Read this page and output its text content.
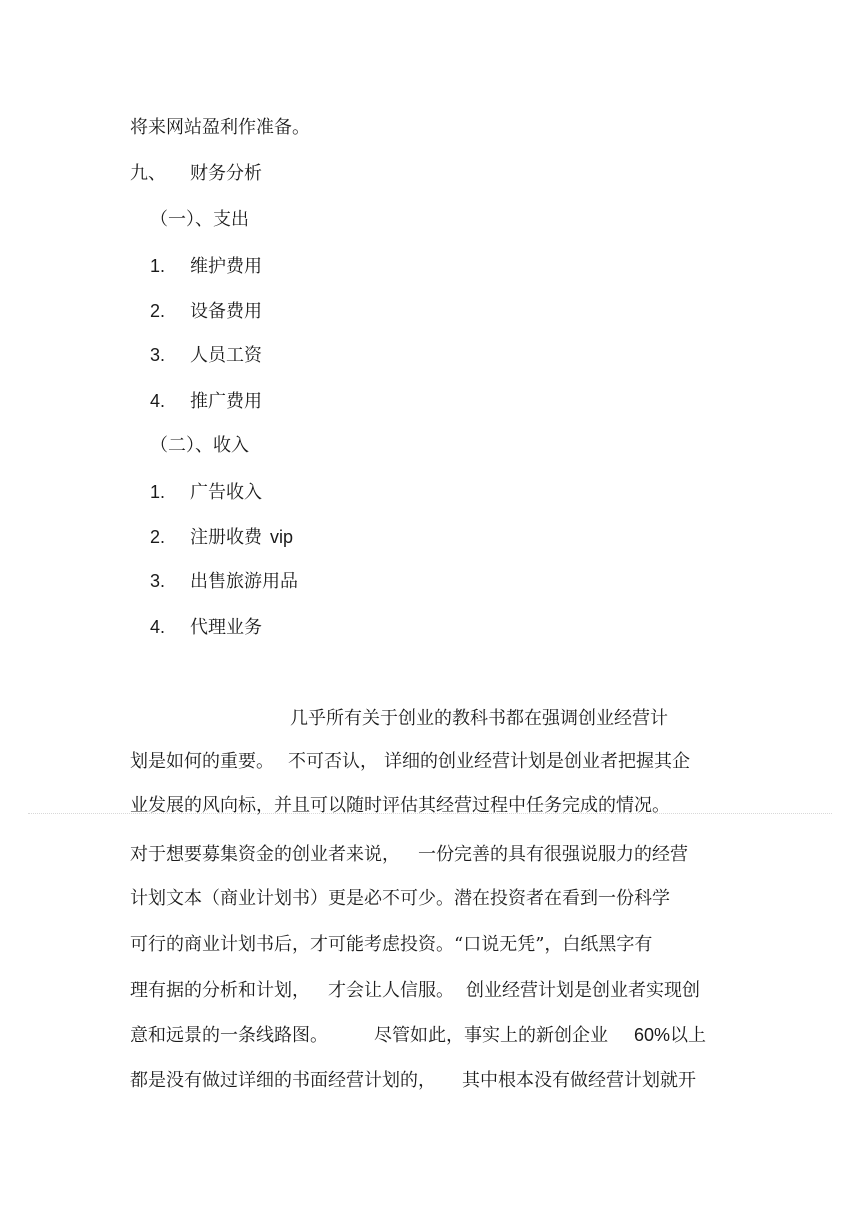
将来网站盈利作准备。
九、 财务分析
（一）、支出
1. 维护费用
2. 设备费用
3. 人员工资
4. 推广费用
（二）、收入
1. 广告收入
2. 注册收费 vip
3. 出售旅游用品
4. 代理业务
几乎所有关于创业的教科书都在强调创业经营计
划是如何的重要。 不可否认， 详细的创业经营计划是创业者把握其企
业发展的风向标，并且可以随时评估其经营过程中任务完成的情况。
对于想要募集资金的创业者来说， 一份完善的具有很强说服力的经营
计划文本（商业计划书）更是必不可少。潜在投资者在看到一份科学
可行的商业计划书后，才可能考虑投资。“口说无凭”，白纸黑字有
理有据的分析和计划， 才会让人信服。 创业经营计划是创业者实现创
意和远景的一条线路图。	尽管如此，事实上的新创企业 60%以上
都是没有做过详细的书面经营计划的， 其中根本没有做经营计划就开
